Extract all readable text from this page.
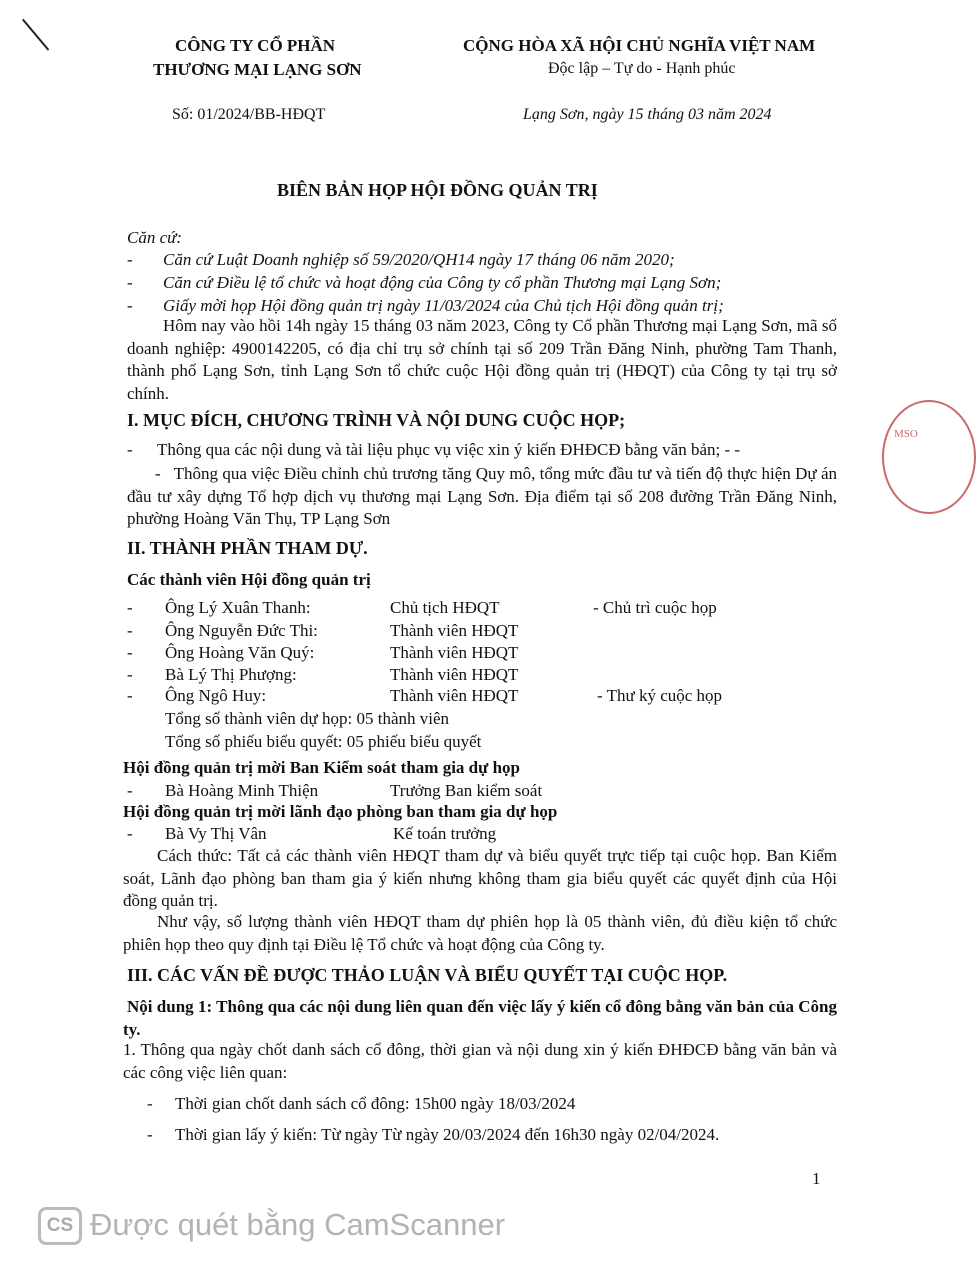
CÔNG TY CỔ PHẦN
THƯƠNG MẠI LẠNG SƠN
CỘNG HÒA XÃ HỘI CHỦ NGHĨA VIỆT NAM
Độc lập – Tự do - Hạnh phúc
Số: 01/2024/BB-HĐQT	Lạng Sơn, ngày 15 tháng 03 năm 2024
BIÊN BẢN HỌP HỘI ĐỒNG QUẢN TRỊ
Căn cứ:
- Căn cứ Luật Doanh nghiệp số 59/2020/QH14 ngày 17 tháng 06 năm 2020;
- Căn cứ Điều lệ tổ chức và hoạt động của Công ty cổ phần Thương mại Lạng Sơn;
- Giấy mời họp Hội đồng quản trị ngày 11/03/2024 của Chủ tịch Hội đồng quản trị;
Hôm nay vào hồi 14h ngày 15 tháng 03 năm 2023, Công ty Cổ phần Thương mại Lạng Sơn, mã số doanh nghiệp: 4900142205, có địa chỉ trụ sở chính tại số 209 Trần Đăng Ninh, phường Tam Thanh, thành phố Lạng Sơn, tỉnh Lạng Sơn tổ chức cuộc Hội đồng quản trị (HĐQT) của Công ty tại trụ sở chính.
I. MỤC ĐÍCH, CHƯƠNG TRÌNH VÀ NỘI DUNG CUỘC HỌP;
- Thông qua các nội dung và tài liệu phục vụ việc xin ý kiến ĐHĐCĐ bằng văn bản; - -
- Thông qua việc Điều chỉnh chủ trương tăng Quy mô, tổng mức đầu tư và tiến độ thực hiện Dự án đầu tư xây dựng Tổ hợp dịch vụ thương mại Lạng Sơn. Địa điểm tại số 208 đường Trần Đăng Ninh, phường Hoàng Văn Thụ, TP Lạng Sơn
II. THÀNH PHẦN THAM DỰ.
Các thành viên Hội đồng quản trị
- Ông Lý Xuân Thanh:	Chủ tịch HĐQT	- Chủ trì cuộc họp
- Ông Nguyễn Đức Thi:	Thành viên HĐQT
- Ông Hoàng Văn Quý:	Thành viên HĐQT
- Bà Lý Thị Phượng:	Thành viên HĐQT
- Ông Ngô Huy:	Thành viên HĐQT	- Thư ký cuộc họp
Tổng số thành viên dự họp: 05 thành viên
Tổng số phiếu biểu quyết: 05 phiếu biểu quyết
Hội đồng quản trị mời Ban Kiểm soát tham gia dự họp
- Bà Hoàng Minh Thiện	Trưởng Ban kiểm soát
Hội đồng quản trị mời lãnh đạo phòng ban tham gia dự họp
- Bà Vy Thị Vân	Kế toán trưởng
Cách thức: Tất cả các thành viên HĐQT tham dự và biểu quyết trực tiếp tại cuộc họp. Ban Kiểm soát, Lãnh đạo phòng ban tham gia ý kiến nhưng không tham gia biểu quyết các quyết định của Hội đồng quản trị.
Như vậy, số lượng thành viên HĐQT tham dự phiên họp là 05 thành viên, đủ điều kiện tổ chức phiên họp theo quy định tại Điều lệ Tổ chức và hoạt động của Công ty.
III. CÁC VẤN ĐỀ ĐƯỢC THẢO LUẬN VÀ BIỂU QUYẾT TẠI CUỘC HỌP.
Nội dung 1: Thông qua các nội dung liên quan đến việc lấy ý kiến cổ đông bằng văn bản của Công ty.
1. Thông qua ngày chốt danh sách cổ đông, thời gian và nội dung xin ý kiến ĐHĐCĐ bằng văn bản và các công việc liên quan:
- Thời gian chốt danh sách cổ đông: 15h00 ngày 18/03/2024
- Thời gian lấy ý kiến: Từ ngày Từ ngày 20/03/2024 đến 16h30 ngày 02/04/2024.
1
MSO
CS Được quét bằng CamScanner
